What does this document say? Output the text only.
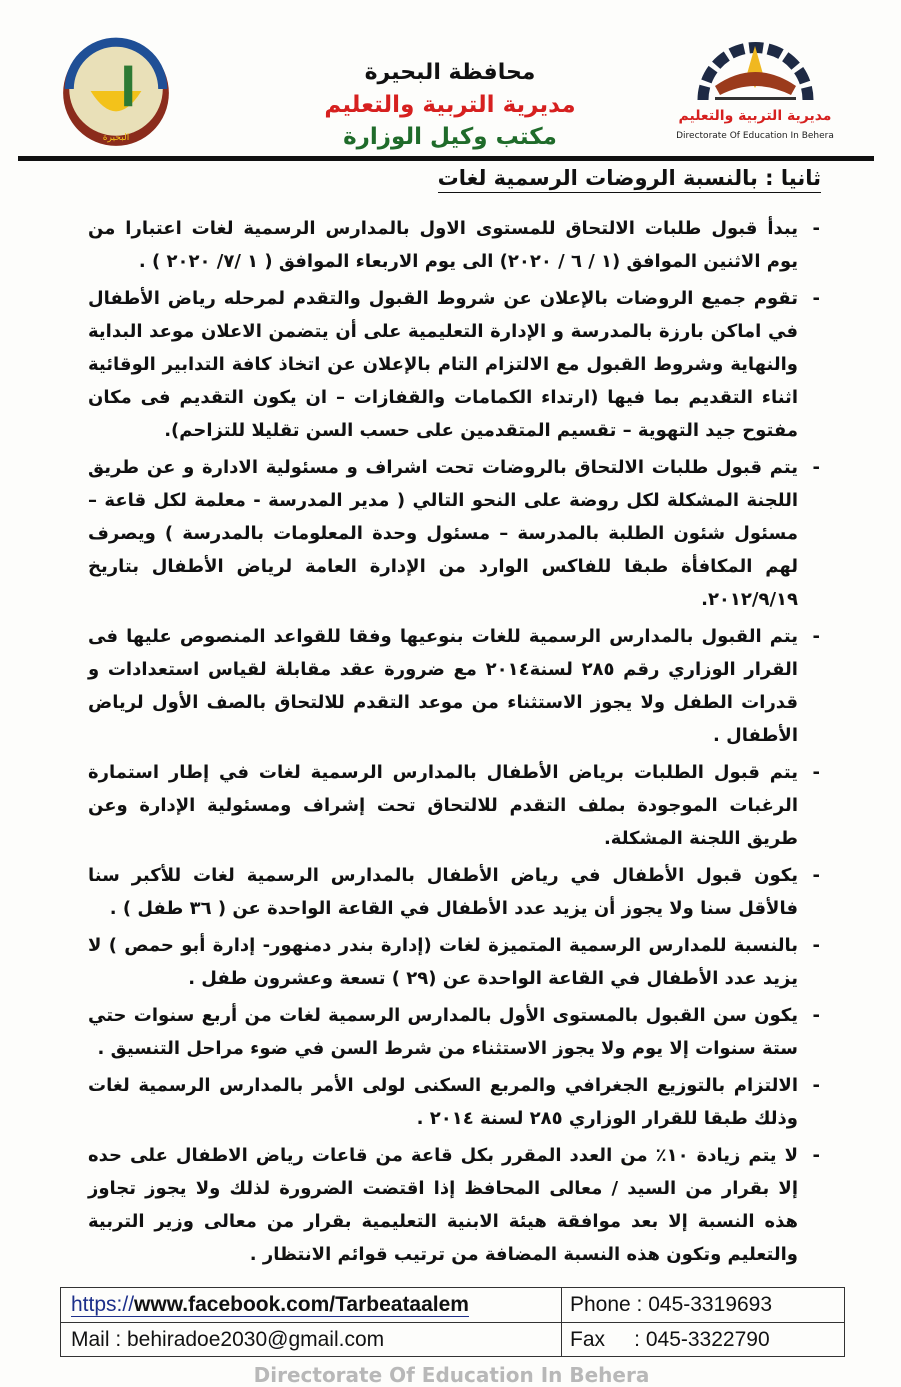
البحيرة
مديرية التربية والتعليم
Directorate Of Education In Behera
محافظة البحيرة
مديرية التربية والتعليم
مكتب وكيل الوزارة
ثانيا : بالنسبة الروضات الرسمية لغات
-
يبدأ قبول طلبات الالتحاق للمستوى الاول بالمدارس الرسمية لغات اعتبارا من يوم الاثنين الموافق (١ / ٦ / ٢٠٢٠) الى يوم الاربعاء الموافق ( ١ /٧/ ٢٠٢٠ ) .
-
تقوم جميع الروضات بالإعلان عن شروط القبول والتقدم لمرحله رياض الأطفال في اماكن بارزة بالمدرسة و الإدارة التعليمية على أن يتضمن الاعلان موعد البداية والنهاية وشروط القبول مع الالتزام التام بالإعلان عن اتخاذ كافة التدابير الوقائية اثناء التقديم بما فيها (ارتداء الكمامات والقفازات – ان يكون التقديم فى مكان مفتوح جيد التهوية – تقسيم المتقدمين على حسب السن تقليلا للتزاحم).
-
يتم قبول طلبات الالتحاق بالروضات تحت اشراف و مسئولية الادارة و عن طريق اللجنة المشكلة لكل روضة على النحو التالي ( مدير المدرسة - معلمة لكل قاعة – مسئول شئون الطلبة بالمدرسة – مسئول وحدة المعلومات بالمدرسة ) ويصرف لهم المكافأة طبقا للفاكس الوارد من الإدارة العامة لرياض الأطفال بتاريخ ٢٠١٢/٩/١٩.
-
يتم القبول بالمدارس الرسمية للغات بنوعيها وفقا للقواعد المنصوص عليها فى القرار الوزاري رقم ٢٨٥ لسنة٢٠١٤ مع ضرورة عقد مقابلة لقياس استعدادات و قدرات الطفل ولا يجوز الاستثناء من موعد التقدم للالتحاق بالصف الأول لرياض الأطفال .
-
يتم قبول الطلبات برياض الأطفال بالمدارس الرسمية لغات في إطار استمارة الرغبات الموجودة بملف التقدم للالتحاق تحت إشراف ومسئولية الإدارة وعن طريق اللجنة المشكلة.
-
يكون قبول الأطفال في رياض الأطفال بالمدارس الرسمية لغات للأكبر سنا فالأقل سنا ولا يجوز أن يزيد عدد الأطفال في القاعة الواحدة عن ( ٣٦ طفل ) .
-
بالنسبة للمدارس الرسمية المتميزة لغات (إدارة بندر دمنهور- إدارة أبو حمص ) لا يزيد عدد الأطفال في القاعة الواحدة عن (٢٩ ) تسعة وعشرون طفل .
-
يكون سن القبول بالمستوى الأول بالمدارس الرسمية لغات من أربع سنوات حتي ستة سنوات إلا يوم ولا يجوز الاستثناء من شرط السن في ضوء مراحل التنسيق .
-
الالتزام بالتوزيع الجغرافي والمربع السكنى لولى الأمر بالمدارس الرسمية لغات وذلك طبقا للقرار الوزاري ٢٨٥ لسنة ٢٠١٤ .
-
لا يتم زيادة ١٠٪ من العدد المقرر بكل قاعة من قاعات رياض الاطفال على حده إلا بقرار من السيد / معالى المحافظ إذا اقتضت الضرورة لذلك ولا يجوز تجاوز هذه النسبة إلا بعد موافقة هيئة الابنية التعليمية بقرار من معالى وزير التربية والتعليم وتكون هذه النسبة المضافة من ترتيب قوائم الانتظار .
https://www.facebook.com/Tarbeataalem	Phone : 045-3319693
Mail : behiradoe2030@gmail.com	Fax     : 045-3322790
Directorate Of Education In Behera
